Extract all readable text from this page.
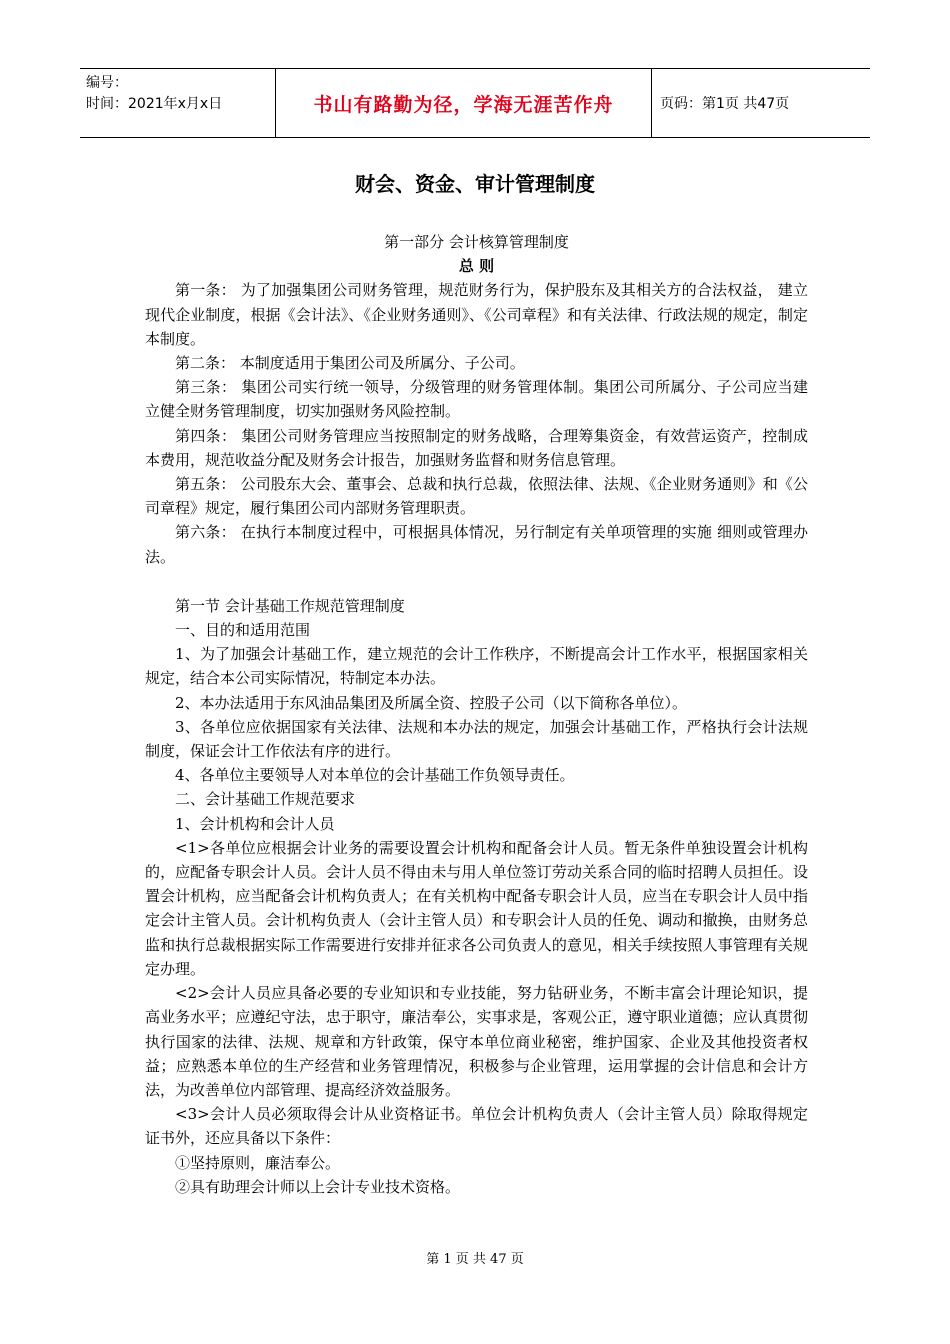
编号：
时间：2021年x月x日	书山有路勤为径，学海无涯苦作舟	页码：第1页 共47页
财会、资金、审计管理制度

第一部分 会计核算管理制度

总 则

第一条： 为了加强集团公司财务管理，规范财务行为，保护股东及其相关方的合法权益， 建立现代企业制度，根据《会计法》、《企业财务通则》、《公司章程》和有关法律、行政法规的规定，制定本制度。

第二条： 本制度适用于集团公司及所属分、子公司。

第三条： 集团公司实行统一领导，分级管理的财务管理体制。集团公司所属分、子公司应当建立健全财务管理制度，切实加强财务风险控制。

第四条： 集团公司财务管理应当按照制定的财务战略，合理筹集资金，有效营运资产，控制成本费用，规范收益分配及财务会计报告，加强财务监督和财务信息管理。

第五条： 公司股东大会、董事会、总裁和执行总裁，依照法律、法规、《企业财务通则》和《公司章程》规定，履行集团公司内部财务管理职责。

第六条： 在执行本制度过程中，可根据具体情况，另行制定有关单项管理的实施 细则或管理办法。

第一节 会计基础工作规范管理制度

一、目的和适用范围

1、为了加强会计基础工作，建立规范的会计工作秩序，不断提高会计工作水平，根据国家相关规定，结合本公司实际情况，特制定本办法。

2、本办法适用于东风油品集团及所属全资、控股子公司（以下简称各单位）。

3、各单位应依据国家有关法律、法规和本办法的规定，加强会计基础工作，严格执行会计法规制度，保证会计工作依法有序的进行。

4、各单位主要领导人对本单位的会计基础工作负领导责任。

二、会计基础工作规范要求

1、会计机构和会计人员

<1>各单位应根据会计业务的需要设置会计机构和配备会计人员。暂无条件单独设置会计机构的，应配备专职会计人员。会计人员不得由未与用人单位签订劳动关系合同的临时招聘人员担任。设置会计机构，应当配备会计机构负责人；在有关机构中配备专职会计人员，应当在专职会计人员中指定会计主管人员。会计机构负责人（会计主管人员）和专职会计人员的任免、调动和撤换，由财务总监和执行总裁根据实际工作需要进行安排并征求各公司负责人的意见，相关手续按照人事管理有关规定办理。

<2>会计人员应具备必要的专业知识和专业技能，努力钻研业务，不断丰富会计理论知识，提高业务水平；应遵纪守法，忠于职守，廉洁奉公，实事求是，客观公正，遵守职业道德；应认真贯彻执行国家的法律、法规、规章和方针政策，保守本单位商业秘密，维护国家、企业及其他投资者权益；应熟悉本单位的生产经营和业务管理情况，积极参与企业管理，运用掌握的会计信息和会计方法，为改善单位内部管理、提高经济效益服务。

<3>会计人员必须取得会计从业资格证书。单位会计机构负责人（会计主管人员）除取得规定证书外，还应具备以下条件：

①坚持原则，廉洁奉公。

②具有助理会计师以上会计专业技术资格。

第 1 页 共 47 页
